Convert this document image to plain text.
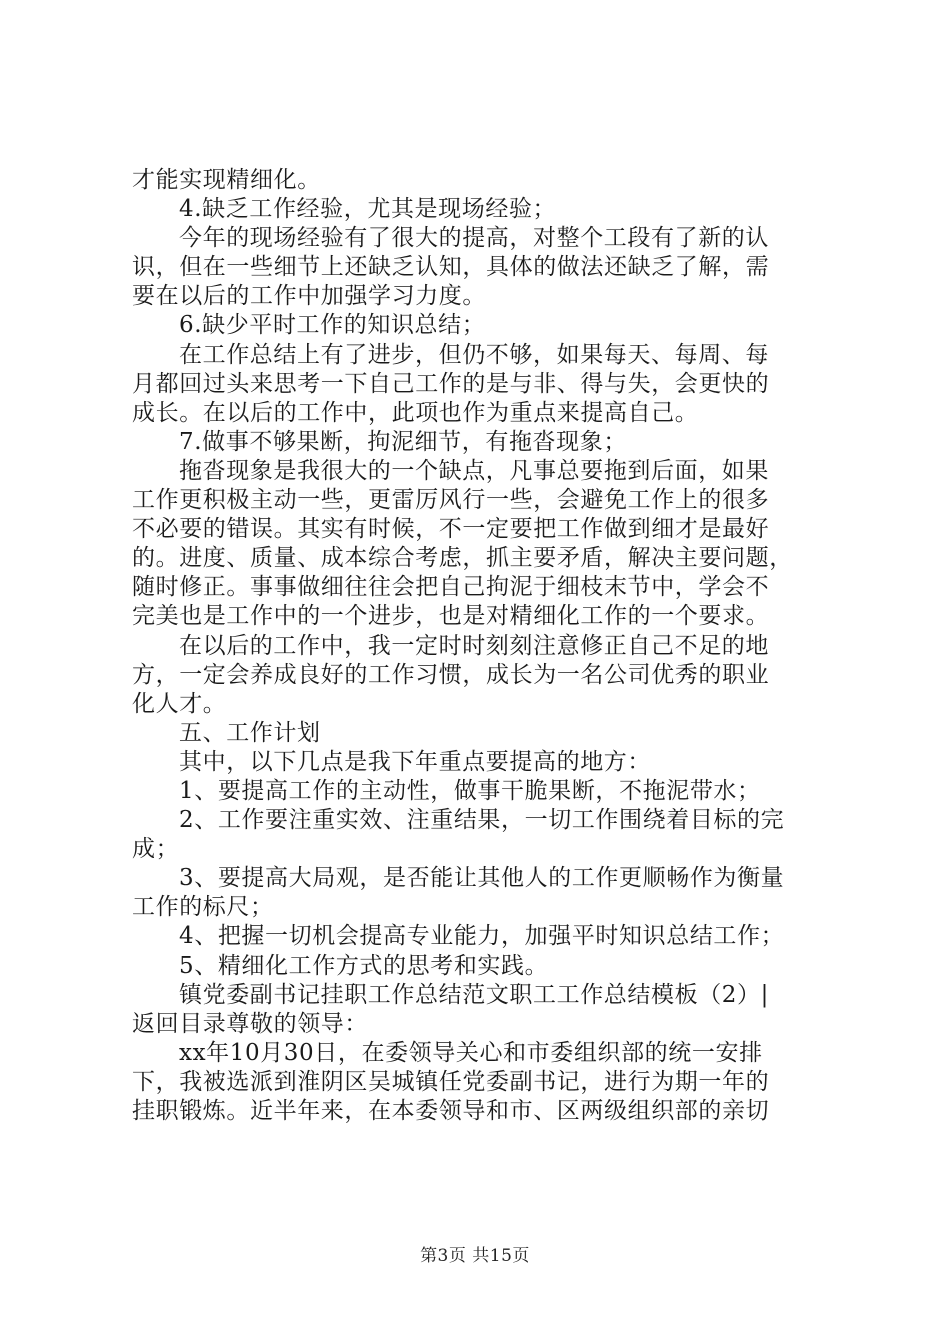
才能实现精细化。
4.缺乏工作经验，尤其是现场经验；
今年的现场经验有了很大的提高，对整个工段有了新的认
识，但在一些细节上还缺乏认知，具体的做法还缺乏了解，需
要在以后的工作中加强学习力度。
6.缺少平时工作的知识总结；
在工作总结上有了进步，但仍不够，如果每天、每周、每
月都回过头来思考一下自己工作的是与非、得与失，会更快的
成长。在以后的工作中，此项也作为重点来提高自己。
7.做事不够果断，拘泥细节，有拖沓现象；
拖沓现象是我很大的一个缺点，凡事总要拖到后面，如果
工作更积极主动一些，更雷厉风行一些，会避免工作上的很多
不必要的错误。其实有时候，不一定要把工作做到细才是最好
的。进度、质量、成本综合考虑，抓主要矛盾，解决主要问题，
随时修正。事事做细往往会把自己拘泥于细枝末节中，学会不
完美也是工作中的一个进步，也是对精细化工作的一个要求。
在以后的工作中，我一定时时刻刻注意修正自己不足的地
方，一定会养成良好的工作习惯，成长为一名公司优秀的职业
化人才。
五、工作计划
其中，以下几点是我下年重点要提高的地方：
1、要提高工作的主动性，做事干脆果断，不拖泥带水；
2、工作要注重实效、注重结果，一切工作围绕着目标的完
成；
3、要提高大局观，是否能让其他人的工作更顺畅作为衡量
工作的标尺；
4、把握一切机会提高专业能力，加强平时知识总结工作；
5、精细化工作方式的思考和实践。
镇党委副书记挂职工作总结范文职工工作总结模板（2）|
返回目录尊敬的领导：
xx年10月30日，在委领导关心和市委组织部的统一安排
下，我被选派到淮阴区吴城镇任党委副书记，进行为期一年的
挂职锻炼。近半年来，在本委领导和市、区两级组织部的亲切
第3页 共15页
